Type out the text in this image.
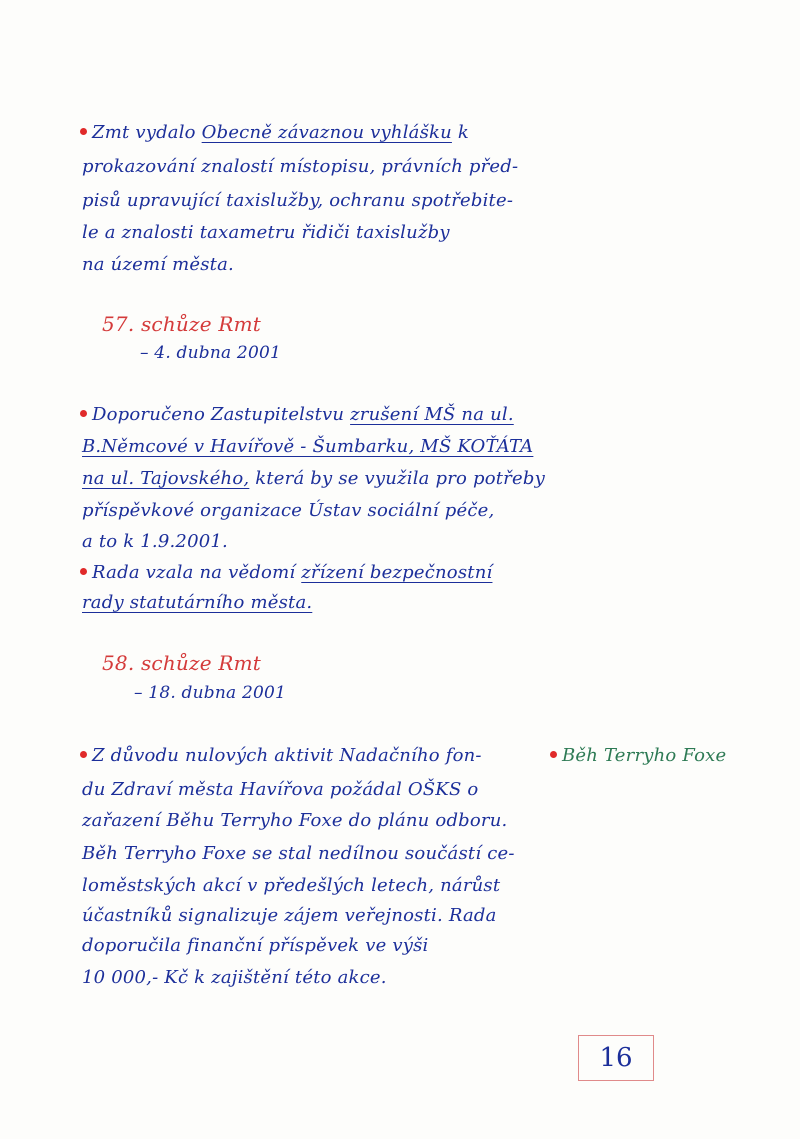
Zmt vydalo Obecně závaznou vyhlášku k
prokazování znalostí místopisu, právních před-
pisů upravující taxislužby, ochranu spotřebite-
le a znalosti taxametru řidiči taxislužby
na území města.
57. schůze Rmt
– 4. dubna 2001
Doporučeno Zastupitelstvu zrušení MŠ na ul.
B.Němcové v Havířově - Šumbarku, MŠ KOŤÁTA
na ul. Tajovského, která by se využila pro potřeby
příspěvkové organizace Ústav sociální péče,
a to k 1.9.2001.
Rada vzala na vědomí zřízení bezpečnostní
rady statutárního města.
58. schůze Rmt
– 18. dubna 2001
Z důvodu nulových aktivit Nadačního fon-
du Zdraví města Havířova požádal OŠKS o
zařazení Běhu Terryho Foxe do plánu odboru.
Běh Terryho Foxe se stal nedílnou součástí ce-
loměstských akcí v předešlých letech, nárůst
účastníků signalizuje zájem veřejnosti. Rada
doporučila finanční příspěvek ve výši
10 000,- Kč k zajištění této akce.
Běh Terryho Foxe
16
